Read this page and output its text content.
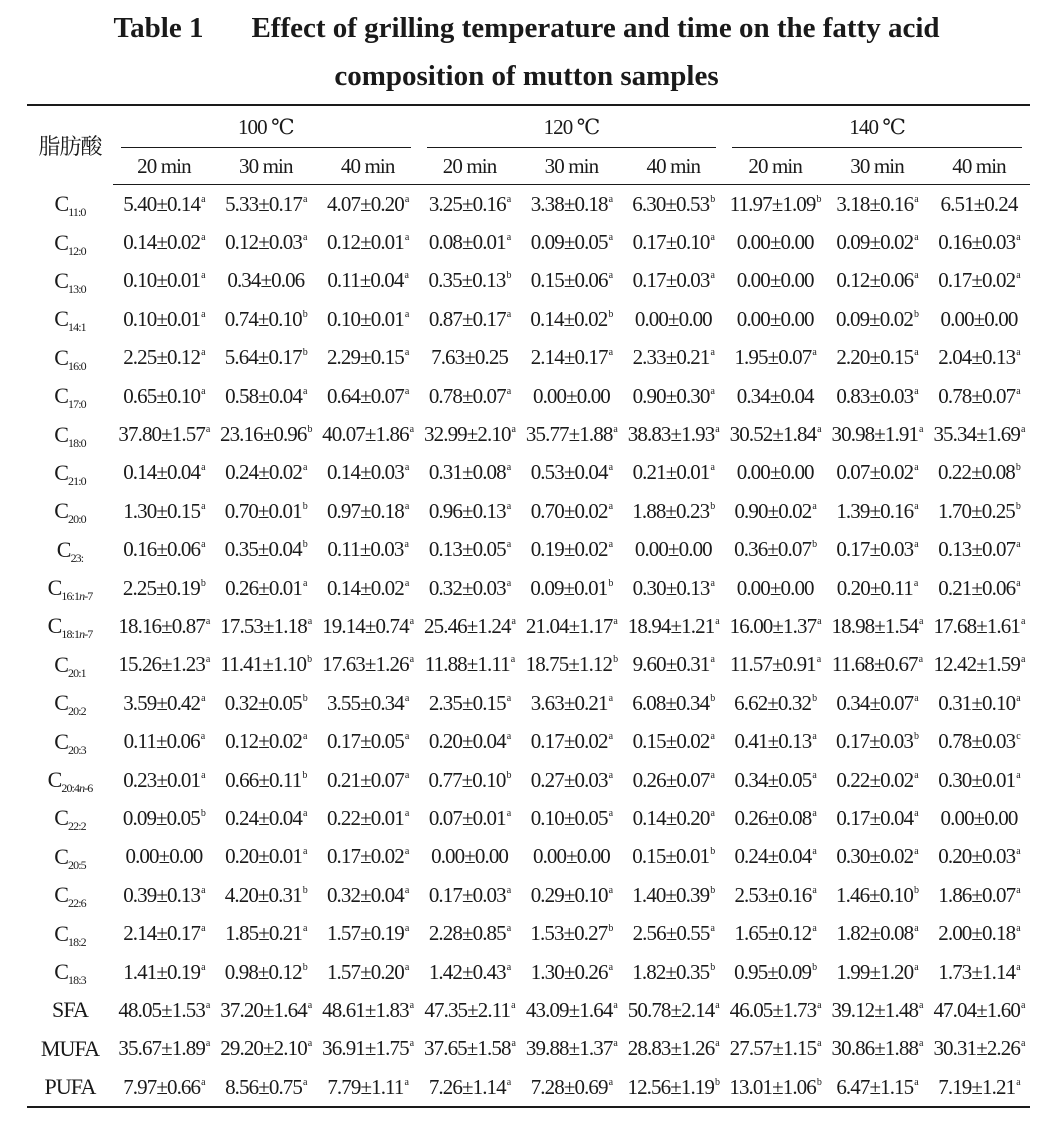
Table 1 Effect of grilling temperature and time on the fatty acid
composition of mutton samples
脂肪酸	100 ℃			120 ℃			140 ℃		
	20 min	30 min	40 min	20 min	30 min	40 min	20 min	30 min	40 min
$C_{11:0}$	5.40±0.14$^a$	5.33±0.17$^a$	4.07±0.20$^a$	3.25±0.16$^a$	3.38±0.18$^a$	6.30±0.53$^b$	11.97±1.09$^b$	3.18±0.16$^a$	6.51±0.24
$C_{12:0}$	0.14±0.02$^a$	0.12±0.03$^a$	0.12±0.01$^a$	0.08±0.01$^a$	0.09±0.05$^a$	0.17±0.10$^a$	0.00±0.00	0.09±0.02$^a$	0.16±0.03$^a$
$C_{13:0}$	0.10±0.01$^a$	0.34±0.06	0.11±0.04$^a$	0.35±0.13$^b$	0.15±0.06$^a$	0.17±0.03$^a$	0.00±0.00	0.12±0.06$^a$	0.17±0.02$^a$
$C_{14:1}$	0.10±0.01$^a$	0.74±0.10$^b$	0.10±0.01$^a$	0.87±0.17$^a$	0.14±0.02$^b$	0.00±0.00	0.00±0.00	0.09±0.02$^b$	0.00±0.00
$C_{16:0}$	2.25±0.12$^a$	5.64±0.17$^b$	2.29±0.15$^a$	7.63±0.25	2.14±0.17$^a$	2.33±0.21$^a$	1.95±0.07$^a$	2.20±0.15$^a$	2.04±0.13$^a$
$C_{17:0}$	0.65±0.10$^a$	0.58±0.04$^a$	0.64±0.07$^a$	0.78±0.07$^a$	0.00±0.00	0.90±0.30$^a$	0.34±0.04	0.83±0.03$^a$	0.78±0.07$^a$
$C_{18:0}$	37.80±1.57$^a$	23.16±0.96$^b$	40.07±1.86$^a$	32.99±2.10$^a$	35.77±1.88$^a$	38.83±1.93$^a$	30.52±1.84$^a$	30.98±1.91$^a$	35.34±1.69$^a$
$C_{21:0}$	0.14±0.04$^a$	0.24±0.02$^a$	0.14±0.03$^a$	0.31±0.08$^a$	0.53±0.04$^a$	0.21±0.01$^a$	0.00±0.00	0.07±0.02$^a$	0.22±0.08$^b$
$C_{20:0}$	1.30±0.15$^a$	0.70±0.01$^b$	0.97±0.18$^a$	0.96±0.13$^a$	0.70±0.02$^a$	1.88±0.23$^b$	0.90±0.02$^a$	1.39±0.16$^a$	1.70±0.25$^b$
$C_{23:}$	0.16±0.06$^a$	0.35±0.04$^b$	0.11±0.03$^a$	0.13±0.05$^a$	0.19±0.02$^a$	0.00±0.00	0.36±0.07$^b$	0.17±0.03$^a$	0.13±0.07$^a$
$C_{16:1n-7}$	2.25±0.19$^b$	0.26±0.01$^a$	0.14±0.02$^a$	0.32±0.03$^a$	0.09±0.01$^b$	0.30±0.13$^a$	0.00±0.00	0.20±0.11$^a$	0.21±0.06$^a$
$C_{18:1n-7}$	18.16±0.87$^a$	17.53±1.18$^a$	19.14±0.74$^a$	25.46±1.24$^a$	21.04±1.17$^a$	18.94±1.21$^a$	16.00±1.37$^a$	18.98±1.54$^a$	17.68±1.61$^a$
$C_{20:1}$	15.26±1.23$^a$	11.41±1.10$^b$	17.63±1.26$^a$	11.88±1.11$^a$	18.75±1.12$^b$	9.60±0.31$^a$	11.57±0.91$^a$	11.68±0.67$^a$	12.42±1.59$^a$
$C_{20:2}$	3.59±0.42$^a$	0.32±0.05$^b$	3.55±0.34$^a$	2.35±0.15$^a$	3.63±0.21$^a$	6.08±0.34$^b$	6.62±0.32$^b$	0.34±0.07$^a$	0.31±0.10$^a$
$C_{20:3}$	0.11±0.06$^a$	0.12±0.02$^a$	0.17±0.05$^a$	0.20±0.04$^a$	0.17±0.02$^a$	0.15±0.02$^a$	0.41±0.13$^a$	0.17±0.03$^b$	0.78±0.03$^c$
$C_{20:4n-6}$	0.23±0.01$^a$	0.66±0.11$^b$	0.21±0.07$^a$	0.77±0.10$^b$	0.27±0.03$^a$	0.26±0.07$^a$	0.34±0.05$^a$	0.22±0.02$^a$	0.30±0.01$^a$
$C_{22:2}$	0.09±0.05$^b$	0.24±0.04$^a$	0.22±0.01$^a$	0.07±0.01$^a$	0.10±0.05$^a$	0.14±0.20$^a$	0.26±0.08$^a$	0.17±0.04$^a$	0.00±0.00
$C_{20:5}$	0.00±0.00	0.20±0.01$^a$	0.17±0.02$^a$	0.00±0.00	0.00±0.00	0.15±0.01$^b$	0.24±0.04$^a$	0.30±0.02$^a$	0.20±0.03$^a$
$C_{22:6}$	0.39±0.13$^a$	4.20±0.31$^b$	0.32±0.04$^a$	0.17±0.03$^a$	0.29±0.10$^a$	1.40±0.39$^b$	2.53±0.16$^a$	1.46±0.10$^b$	1.86±0.07$^a$
$C_{18:2}$	2.14±0.17$^a$	1.85±0.21$^a$	1.57±0.19$^a$	2.28±0.85$^a$	1.53±0.27$^b$	2.56±0.55$^a$	1.65±0.12$^a$	1.82±0.08$^a$	2.00±0.18$^a$
$C_{18:3}$	1.41±0.19$^a$	0.98±0.12$^b$	1.57±0.20$^a$	1.42±0.43$^a$	1.30±0.26$^a$	1.82±0.35$^b$	0.95±0.09$^b$	1.99±1.20$^a$	1.73±1.14$^a$
SFA	48.05±1.53$^a$	37.20±1.64$^a$	48.61±1.83$^a$	47.35±2.11$^a$	43.09±1.64$^a$	50.78±2.14$^a$	46.05±1.73$^a$	39.12±1.48$^a$	47.04±1.60$^a$
MUFA	35.67±1.89$^a$	29.20±2.10$^a$	36.91±1.75$^a$	37.65±1.58$^a$	39.88±1.37$^a$	28.83±1.26$^a$	27.57±1.15$^a$	30.86±1.88$^a$	30.31±2.26$^a$
PUFA	7.97±0.66$^a$	8.56±0.75$^a$	7.79±1.11$^a$	7.26±1.14$^a$	7.28±0.69$^a$	12.56±1.19$^b$	13.01±1.06$^b$	6.47±1.15$^a$	7.19±1.21$^a$
